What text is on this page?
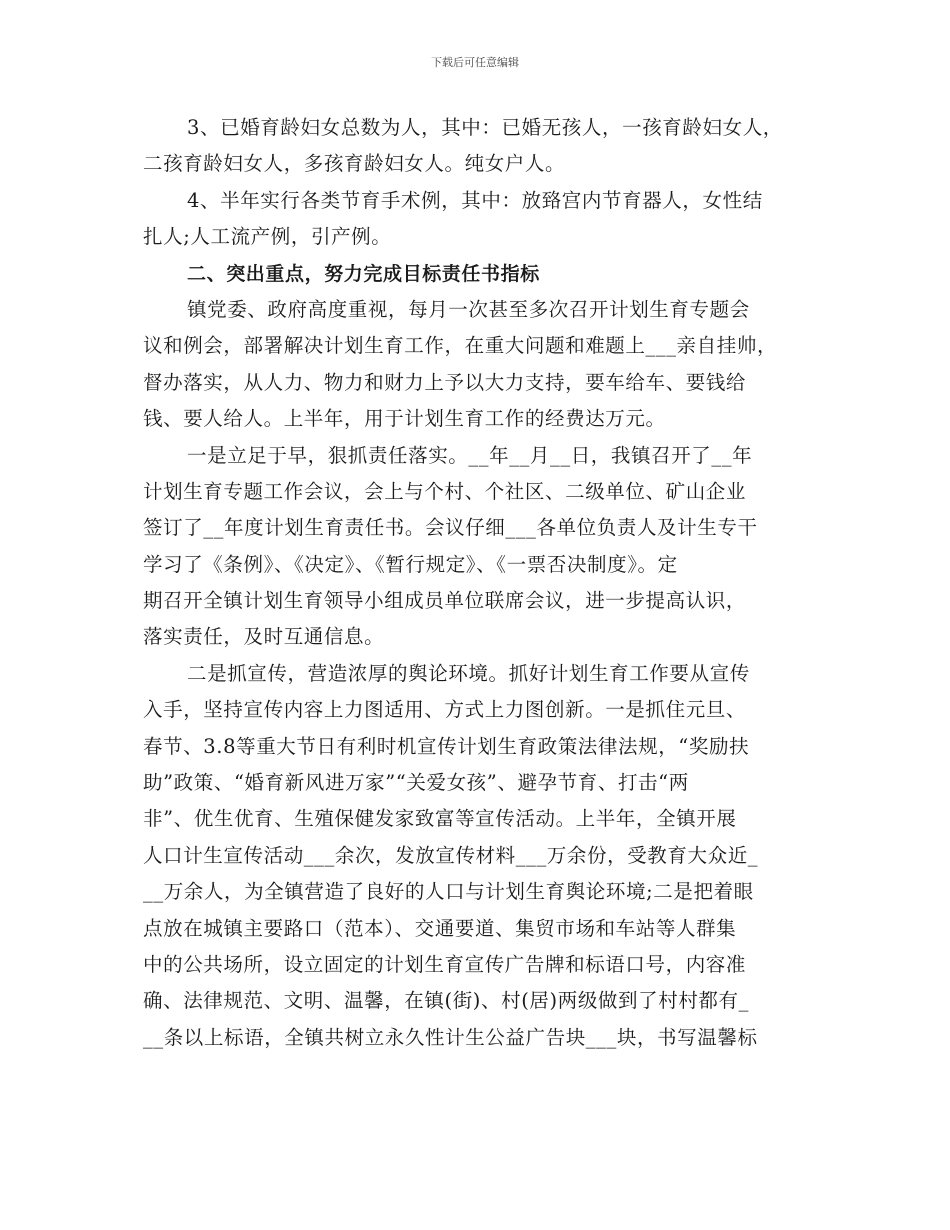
下载后可任意编辑
3、已婚育龄妇女总数为人，其中：已婚无孩人，一孩育龄妇女人，
二孩育龄妇女人，多孩育龄妇女人。纯女户人。
4、半年实行各类节育手术例，其中：放臵宫内节育器人，女性结
扎人;人工流产例，引产例。
二、突出重点，努力完成目标责任书指标
镇党委、政府高度重视，每月一次甚至多次召开计划生育专题会
议和例会，部署解决计划生育工作，在重大问题和难题上___亲自挂帅，
督办落实，从人力、物力和财力上予以大力支持，要车给车、要钱给
钱、要人给人。上半年，用于计划生育工作的经费达万元。
一是立足于早，狠抓责任落实。__年__月__日，我镇召开了__年
计划生育专题工作会议，会上与个村、个社区、二级单位、矿山企业
签订了__年度计划生育责任书。会议仔细___各单位负责人及计生专干
学习了《条例》、《决定》、《暂行规定》、《一票否决制度》。定
期召开全镇计划生育领导小组成员单位联席会议，进一步提高认识，
落实责任，及时互通信息。
二是抓宣传，营造浓厚的舆论环境。抓好计划生育工作要从宣传
入手，坚持宣传内容上力图适用、方式上力图创新。一是抓住元旦、
春节、3.8等重大节日有利时机宣传计划生育政策法律法规，“奖励扶
助”政策、“婚育新风进万家”“关爱女孩”、避孕节育、打击“两
非”、优生优育、生殖保健发家致富等宣传活动。上半年，全镇开展
人口计生宣传活动___余次，发放宣传材料___万余份，受教育大众近_
__万余人，为全镇营造了良好的人口与计划生育舆论环境;二是把着眼
点放在城镇主要路口（范本）、交通要道、集贸市场和车站等人群集
中的公共场所，设立固定的计划生育宣传广告牌和标语口号，内容准
确、法律规范、文明、温馨，在镇(街)、村(居)两级做到了村村都有_
__条以上标语，全镇共树立永久性计生公益广告块___块，书写温馨标
